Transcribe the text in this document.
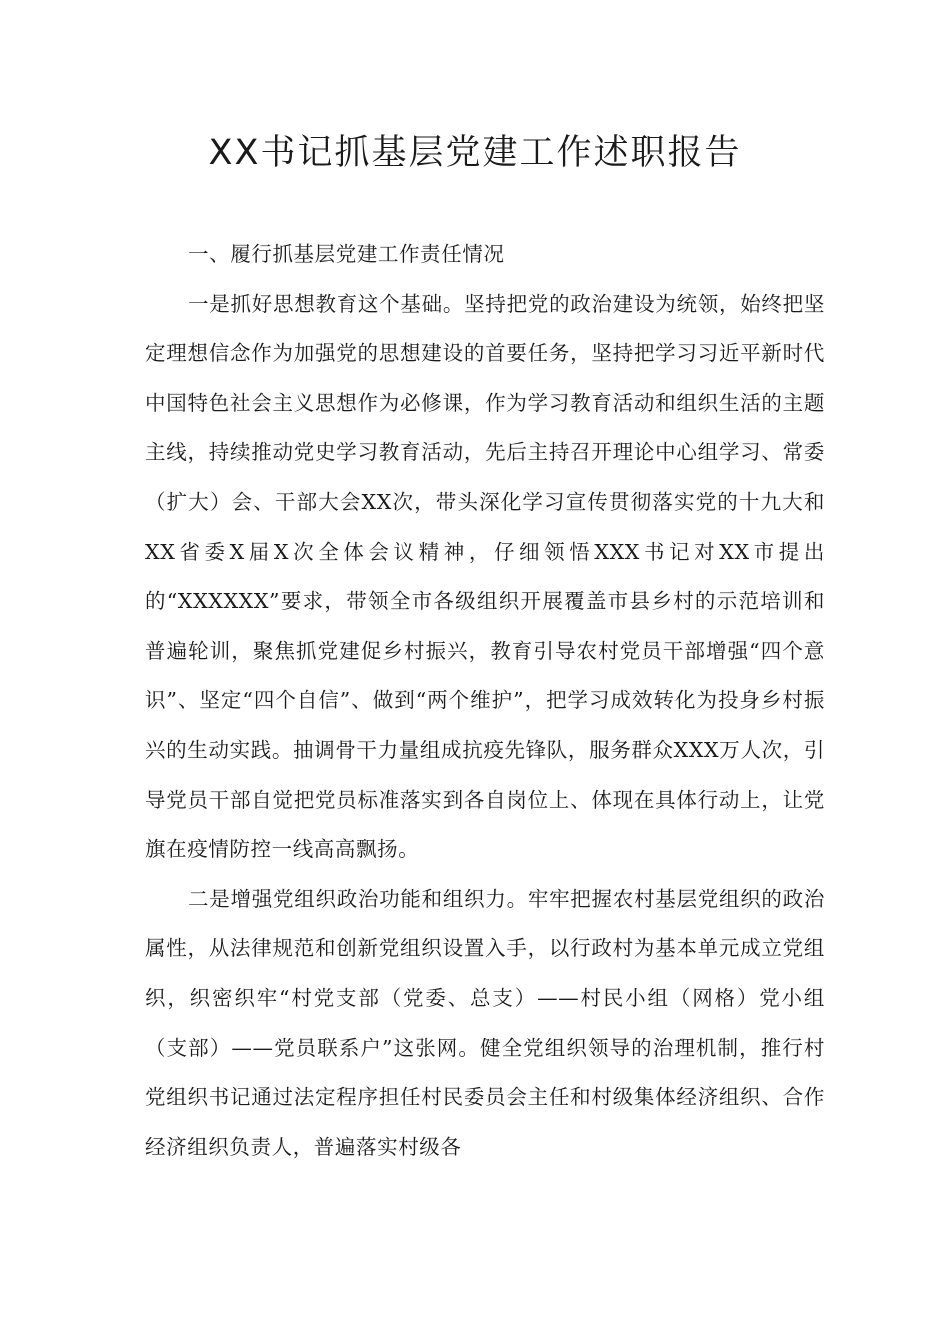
XX书记抓基层党建工作述职报告

一、履行抓基层党建工作责任情况

一是抓好思想教育这个基础。坚持把党的政治建设为统领，始终把坚定理想信念作为加强党的思想建设的首要任务，坚持把学习习近平新时代中国特色社会主义思想作为必修课，作为学习教育活动和组织生活的主题主线，持续推动党史学习教育活动，先后主持召开理论中心组学习、常委（扩大）会、干部大会XX次，带头深化学习宣传贯彻落实党的十九大和XX省委X届X次全体会议精神，仔细领悟XXX书记对XX市提出的“XXXXXX”要求，带领全市各级组织开展覆盖市县乡村的示范培训和普遍轮训，聚焦抓党建促乡村振兴，教育引导农村党员干部增强“四个意识”、坚定“四个自信”、做到“两个维护”，把学习成效转化为投身乡村振兴的生动实践。抽调骨干力量组成抗疫先锋队，服务群众XXX万人次，引导党员干部自觉把党员标准落实到各自岗位上、体现在具体行动上，让党旗在疫情防控一线高高飘扬。

二是增强党组织政治功能和组织力。牢牢把握农村基层党组织的政治属性，从法律规范和创新党组织设置入手，以行政村为基本单元成立党组织，织密织牢“村党支部（党委、总支）——村民小组（网格）党小组（支部）——党员联系户”这张网。健全党组织领导的治理机制，推行村党组织书记通过法定程序担任村民委员会主任和村级集体经济组织、合作经济组织负责人，普遍落实村级各
